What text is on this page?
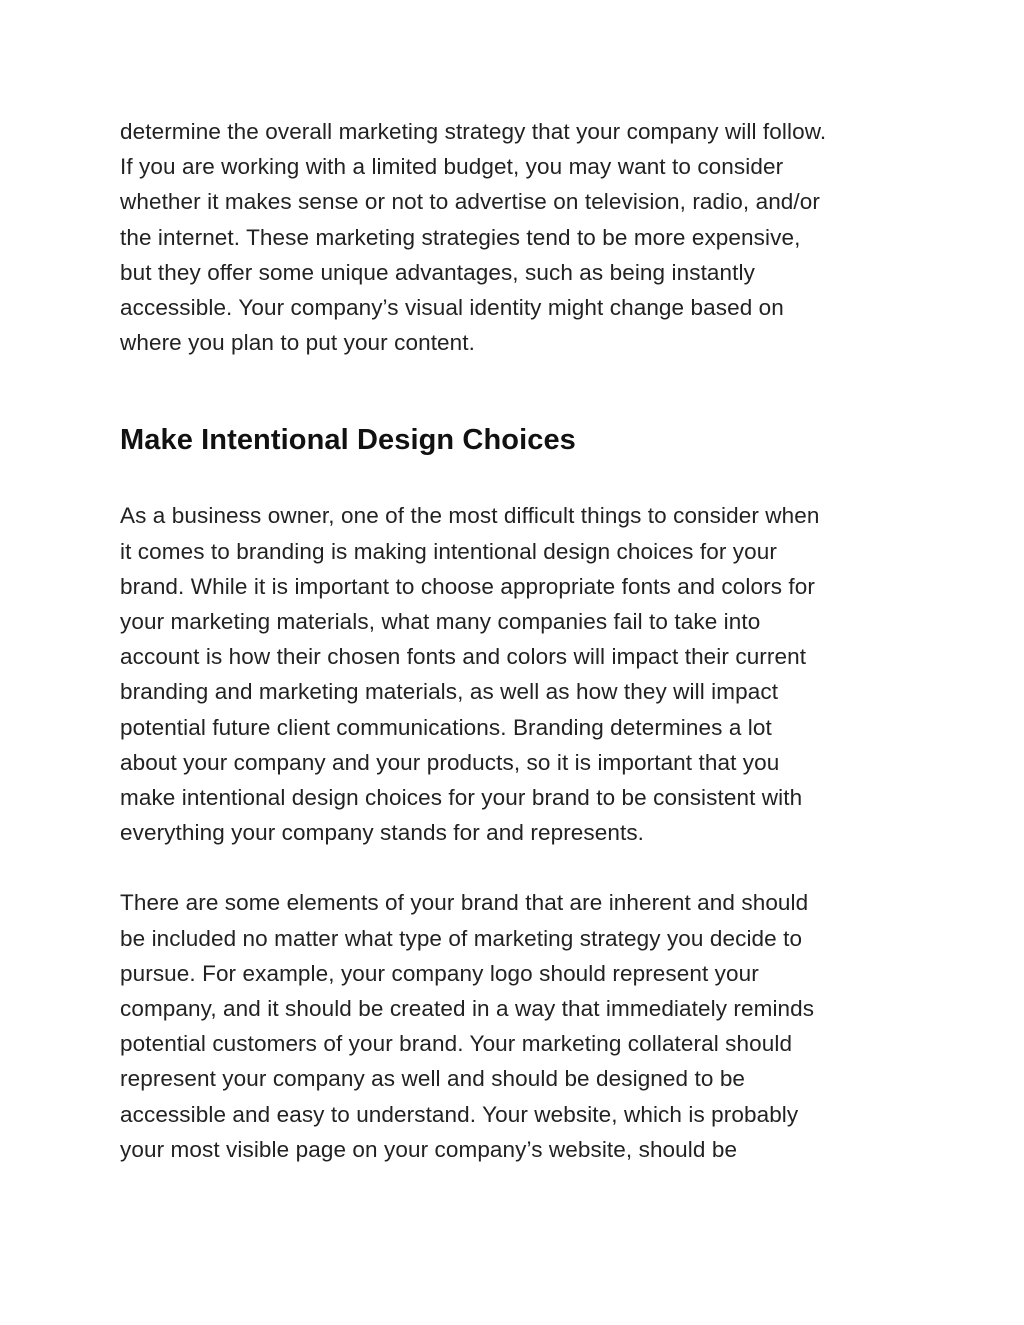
determine the overall marketing strategy that your company will follow.
If you are working with a limited budget, you may want to consider
whether it makes sense or not to advertise on television, radio, and/or
the internet. These marketing strategies tend to be more expensive,
but they offer some unique advantages, such as being instantly
accessible. Your company’s visual identity might change based on
where you plan to put your content.
Make Intentional Design Choices
As a business owner, one of the most difficult things to consider when
it comes to branding is making intentional design choices for your
brand. While it is important to choose appropriate fonts and colors for
your marketing materials, what many companies fail to take into
account is how their chosen fonts and colors will impact their current
branding and marketing materials, as well as how they will impact
potential future client communications. Branding determines a lot
about your company and your products, so it is important that you
make intentional design choices for your brand to be consistent with
everything your company stands for and represents.
There are some elements of your brand that are inherent and should
be included no matter what type of marketing strategy you decide to
pursue. For example, your company logo should represent your
company, and it should be created in a way that immediately reminds
potential customers of your brand. Your marketing collateral should
represent your company as well and should be designed to be
accessible and easy to understand. Your website, which is probably
your most visible page on your company’s website, should be
